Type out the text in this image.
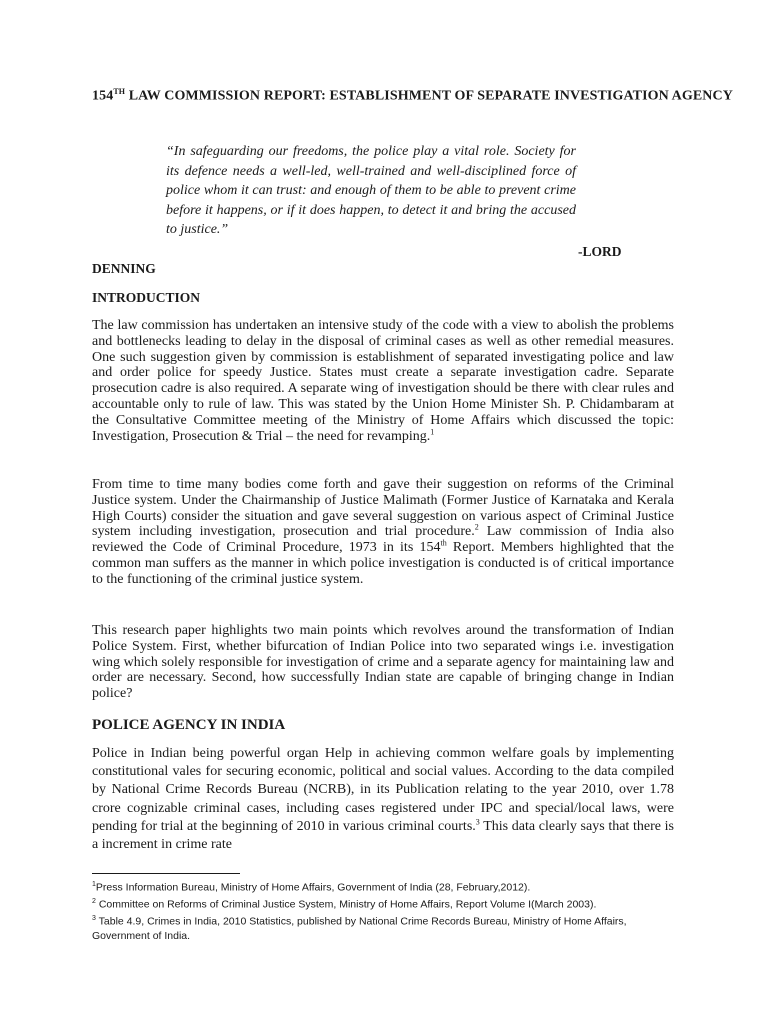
154TH LAW COMMISSION REPORT: ESTABLISHMENT OF SEPARATE INVESTIGATION AGENCY
“In safeguarding our freedoms, the police play a vital role. Society for its defence needs a well-led, well-trained and well-disciplined force of police whom it can trust: and enough of them to be able to prevent crime before it happens, or if it does happen, to detect it and bring the accused to justice.”
-LORD
DENNING
INTRODUCTION
The law commission has undertaken an intensive study of the code with a view to abolish the problems and bottlenecks leading to delay in the disposal of criminal cases as well as other remedial measures. One such suggestion given by commission is establishment of separated investigating police and law and order police for speedy Justice. States must create a separate investigation cadre. Separate prosecution cadre is also required. A separate wing of investigation should be there with clear rules and accountable only to rule of law. This was stated by the Union Home Minister Sh. P. Chidambaram at the Consultative Committee meeting of the Ministry of Home Affairs which discussed the topic: Investigation, Prosecution & Trial – the need for revamping.$^1$
From time to time many bodies come forth and gave their suggestion on reforms of the Criminal Justice system. Under the Chairmanship of Justice Malimath (Former Justice of Karnataka and Kerala High Courts) consider the situation and gave several suggestion on various aspect of Criminal Justice system including investigation, prosecution and trial procedure.$^2$ Law commission of India also reviewed the Code of Criminal Procedure, 1973 in its 154th Report. Members highlighted that the common man suffers as the manner in which police investigation is conducted is of critical importance to the functioning of the criminal justice system.
This research paper highlights two main points which revolves around the transformation of Indian Police System. First, whether bifurcation of Indian Police into two separated wings i.e. investigation wing which solely responsible for investigation of crime and a separate agency for maintaining law and order are necessary. Second, how successfully Indian state are capable of bringing change in Indian police?
POLICE AGENCY IN INDIA
Police in Indian being powerful organ Help in achieving common welfare goals by implementing constitutional vales for securing economic, political and social values. According to the data compiled by National Crime Records Bureau (NCRB), in its Publication relating to the year 2010, over 1.78 crore cognizable criminal cases, including cases registered under IPC and special/local laws, were pending for trial at the beginning of 2010 in various criminal courts.$^3$ This data clearly says that there is a increment in crime rate
$^1$Press Information Bureau, Ministry of Home Affairs, Government of India (28, February,2012).
$^2$ Committee on Reforms of Criminal Justice System, Ministry of Home Affairs, Report Volume I(March 2003).
$^3$ Table 4.9, Crimes in India, 2010 Statistics, published by National Crime Records Bureau, Ministry of Home Affairs, Government of India.
